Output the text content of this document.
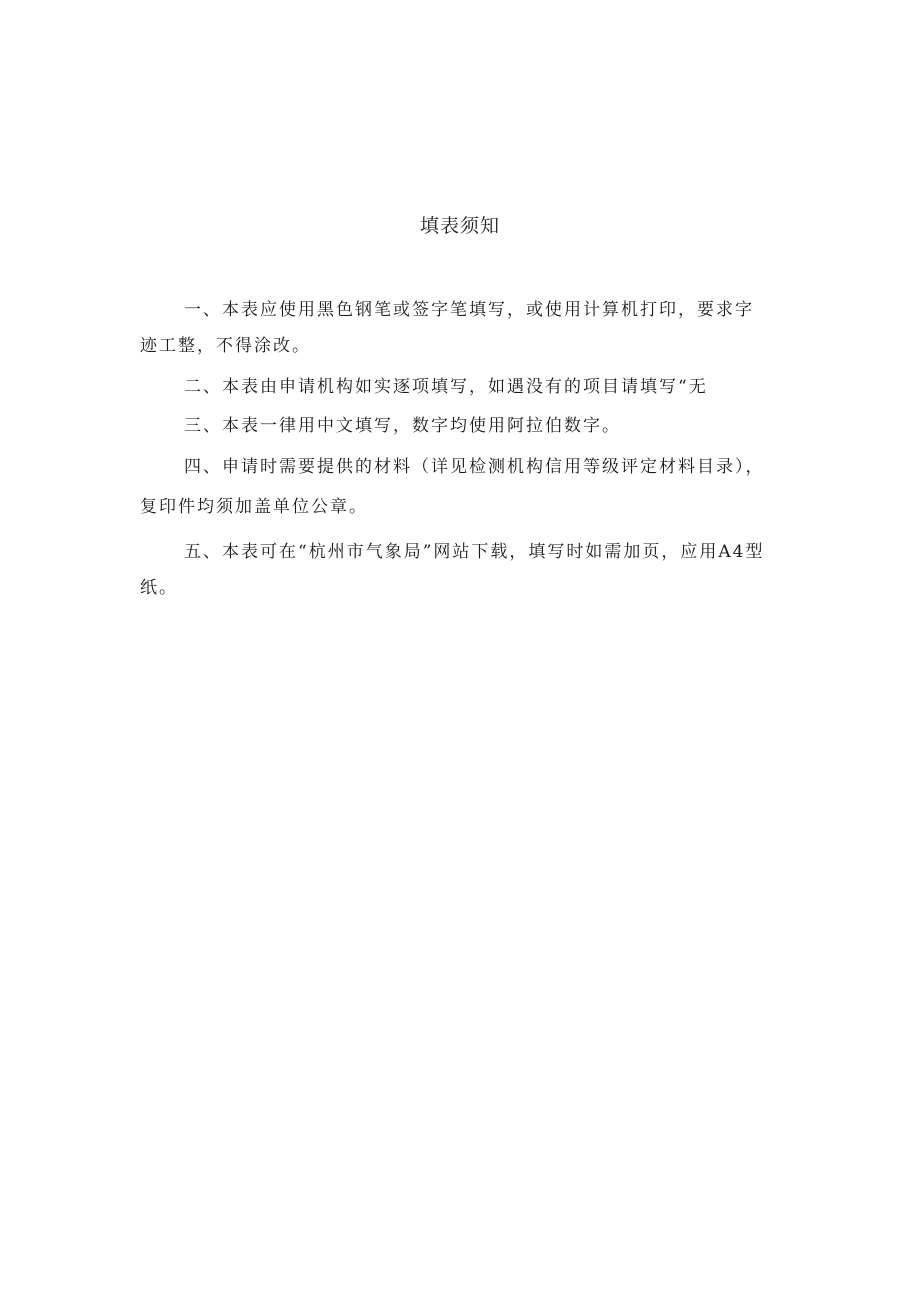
填表须知

一、本表应使用黑色钢笔或签字笔填写，或使用计算机打印，要求字迹工整，不得涂改。

二、本表由申请机构如实逐项填写，如遇没有的项目请填写“无

三、本表一律用中文填写，数字均使用阿拉伯数字。

四、申请时需要提供的材料（详见检测机构信用等级评定材料目录），复印件均须加盖单位公章。

五、本表可在“杭州市气象局”网站下载，填写时如需加页，应用A4型纸。
